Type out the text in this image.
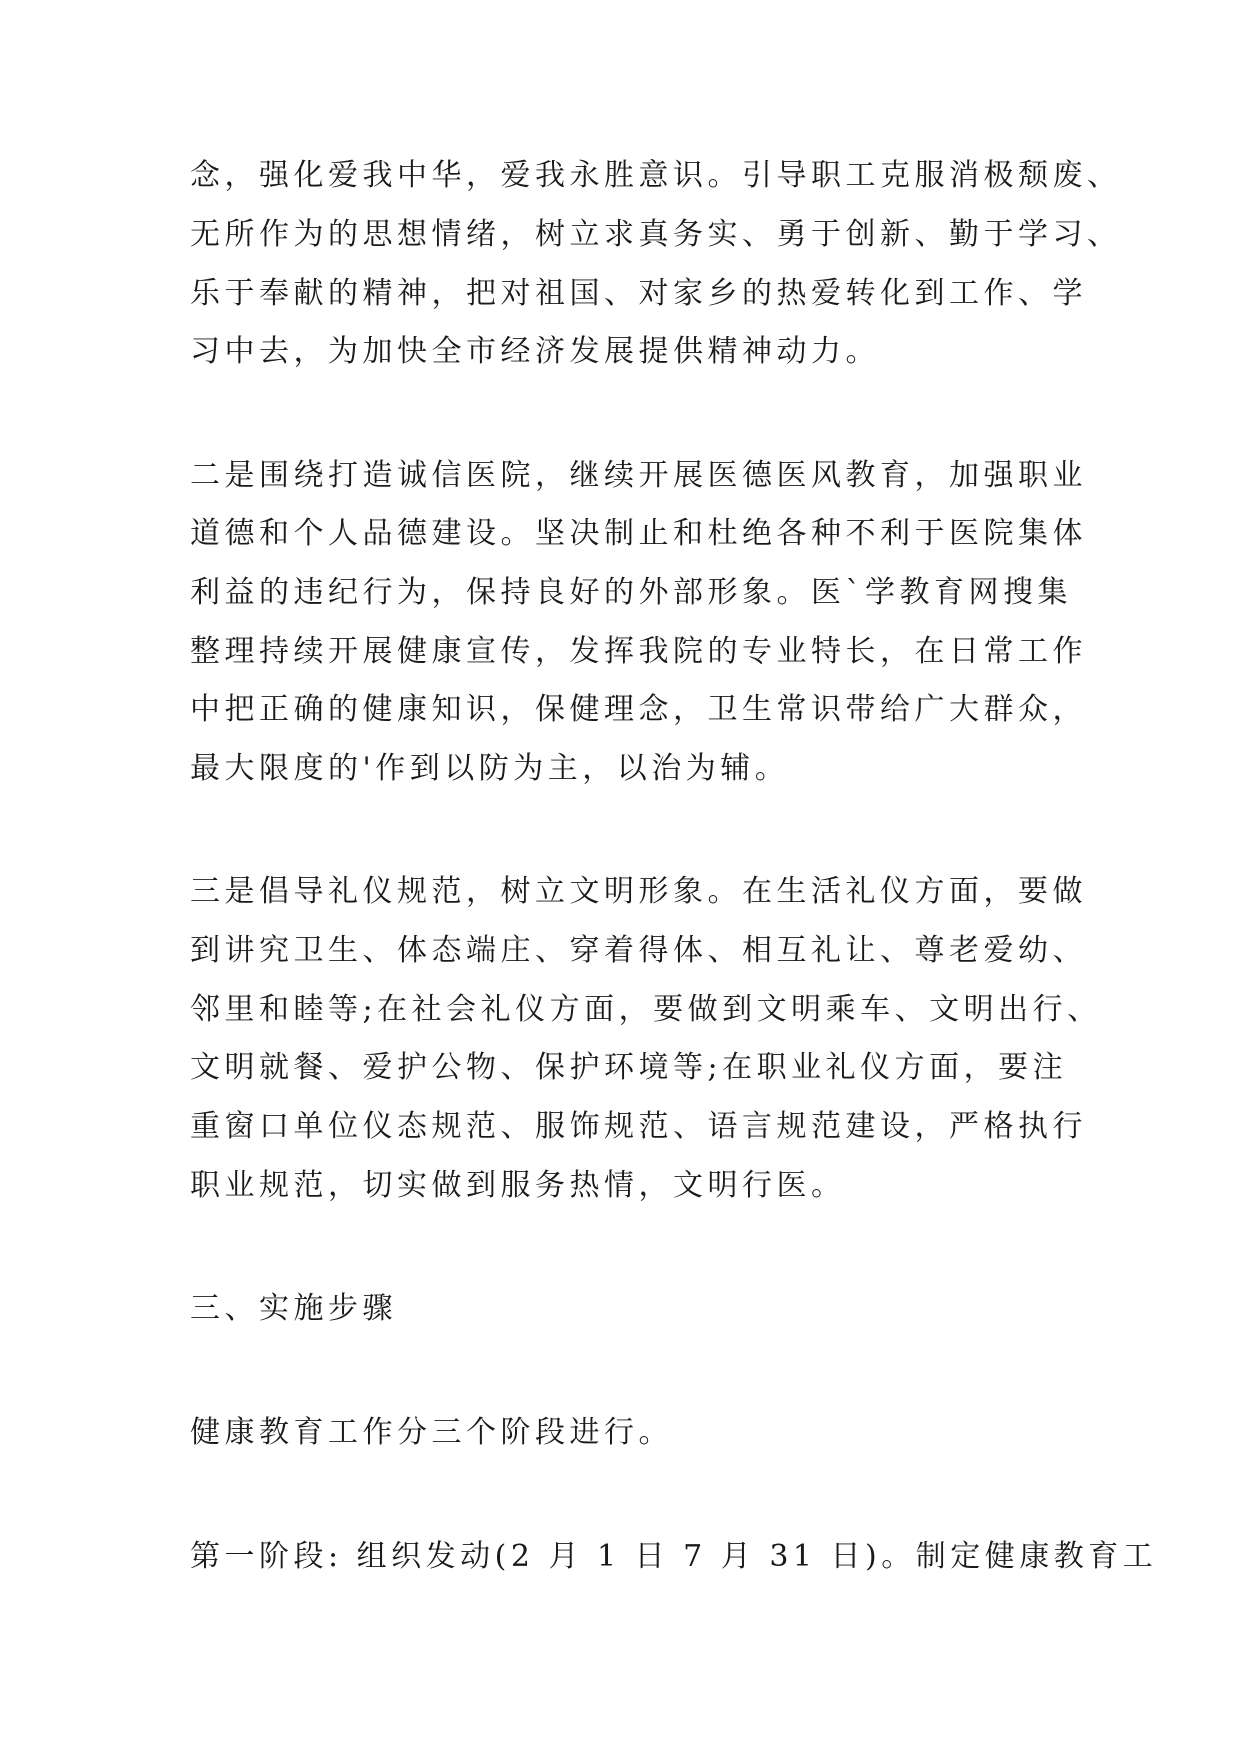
念，强化爱我中华，爱我永胜意识。引导职工克服消极颓废、
无所作为的思想情绪，树立求真务实、勇于创新、勤于学习、
乐于奉献的精神，把对祖国、对家乡的热爱转化到工作、学
习中去，为加快全市经济发展提供精神动力。
二是围绕打造诚信医院，继续开展医德医风教育，加强职业
道德和个人品德建设。坚决制止和杜绝各种不利于医院集体
利益的违纪行为，保持良好的外部形象。医`学教育网搜集
整理持续开展健康宣传，发挥我院的专业特长，在日常工作
中把正确的健康知识，保健理念，卫生常识带给广大群众，
最大限度的'作到以防为主，以治为辅。
三是倡导礼仪规范，树立文明形象。在生活礼仪方面，要做
到讲究卫生、体态端庄、穿着得体、相互礼让、尊老爱幼、
邻里和睦等;在社会礼仪方面，要做到文明乘车、文明出行、
文明就餐、爱护公物、保护环境等;在职业礼仪方面，要注
重窗口单位仪态规范、服饰规范、语言规范建设，严格执行
职业规范，切实做到服务热情，文明行医。
三、实施步骤
健康教育工作分三个阶段进行。
第一阶段: 组织发动(2 月 1 日 7 月 31 日)。制定健康教育工
